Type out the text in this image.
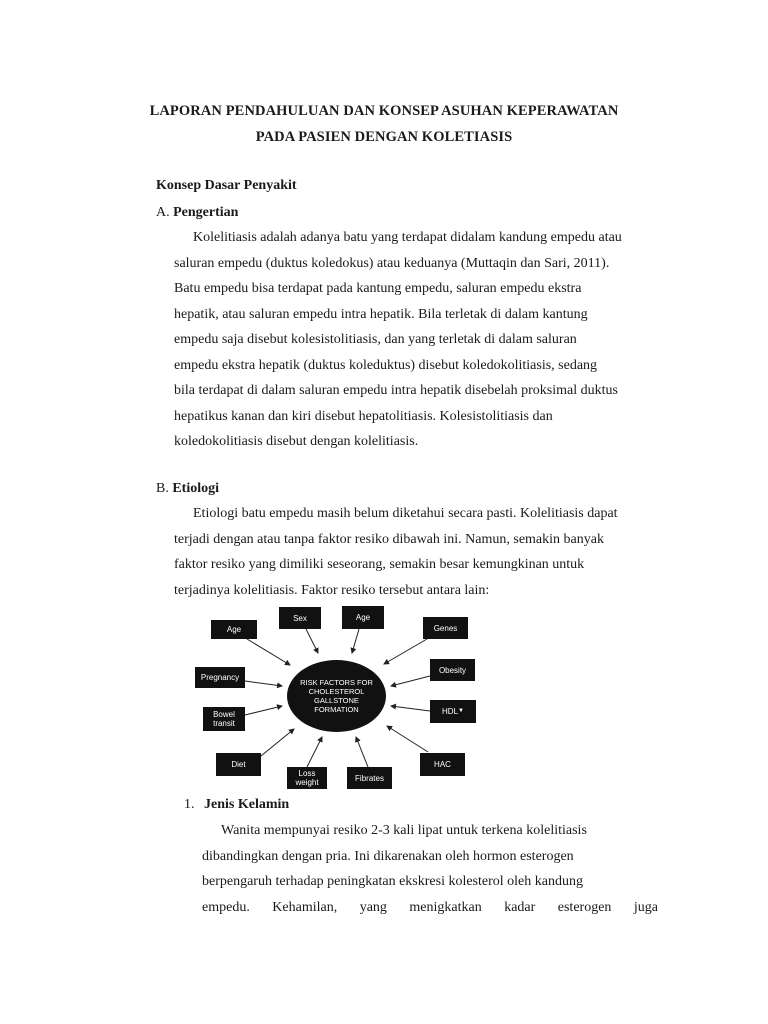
LAPORAN PENDAHULUAN DAN KONSEP ASUHAN KEPERAWATAN
PADA PASIEN DENGAN KOLETIASIS
Konsep Dasar Penyakit
A. Pengertian
Kolelitiasis adalah adanya batu yang terdapat didalam kandung empedu atau
saluran empedu (duktus koledokus) atau keduanya (Muttaqin dan Sari, 2011).
Batu empedu bisa terdapat pada kantung empedu, saluran empedu ekstra
hepatik, atau saluran empedu intra hepatik. Bila terletak di dalam kantung
empedu saja disebut kolesistolitiasis, dan yang terletak di dalam saluran
empedu ekstra hepatik (duktus koleduktus) disebut koledokolitiasis, sedang
bila terdapat di dalam saluran empedu intra hepatik disebelah proksimal duktus
hepatikus kanan dan kiri disebut hepatolitiasis. Kolesistolitiasis dan
koledokolitiasis disebut dengan kolelitiasis.
B. Etiologi
Etiologi batu empedu masih belum diketahui secara pasti. Kolelitiasis dapat
terjadi dengan atau tanpa faktor resiko dibawah ini. Namun, semakin banyak
faktor resiko yang dimiliki seseorang, semakin besar kemungkinan untuk
terjadinya kolelitiasis. Faktor resiko tersebut antara lain:
RISK FACTORS FOR
CHOLESTEROL
GALLSTONE
FORMATION
Age
Sex	Age
Genes
Pregnancy
Obesity
Bowel
transit
HDL ▼
Diet
Loss
weight	Fibrates
HAC
1. Jenis Kelamin
Wanita mempunyai resiko 2-3 kali lipat untuk terkena kolelitiasis
dibandingkan dengan pria. Ini dikarenakan oleh hormon esterogen
berpengaruh terhadap peningkatan ekskresi kolesterol oleh kandung
empedu. Kehamilan, yang menigkatkan kadar esterogen juga
